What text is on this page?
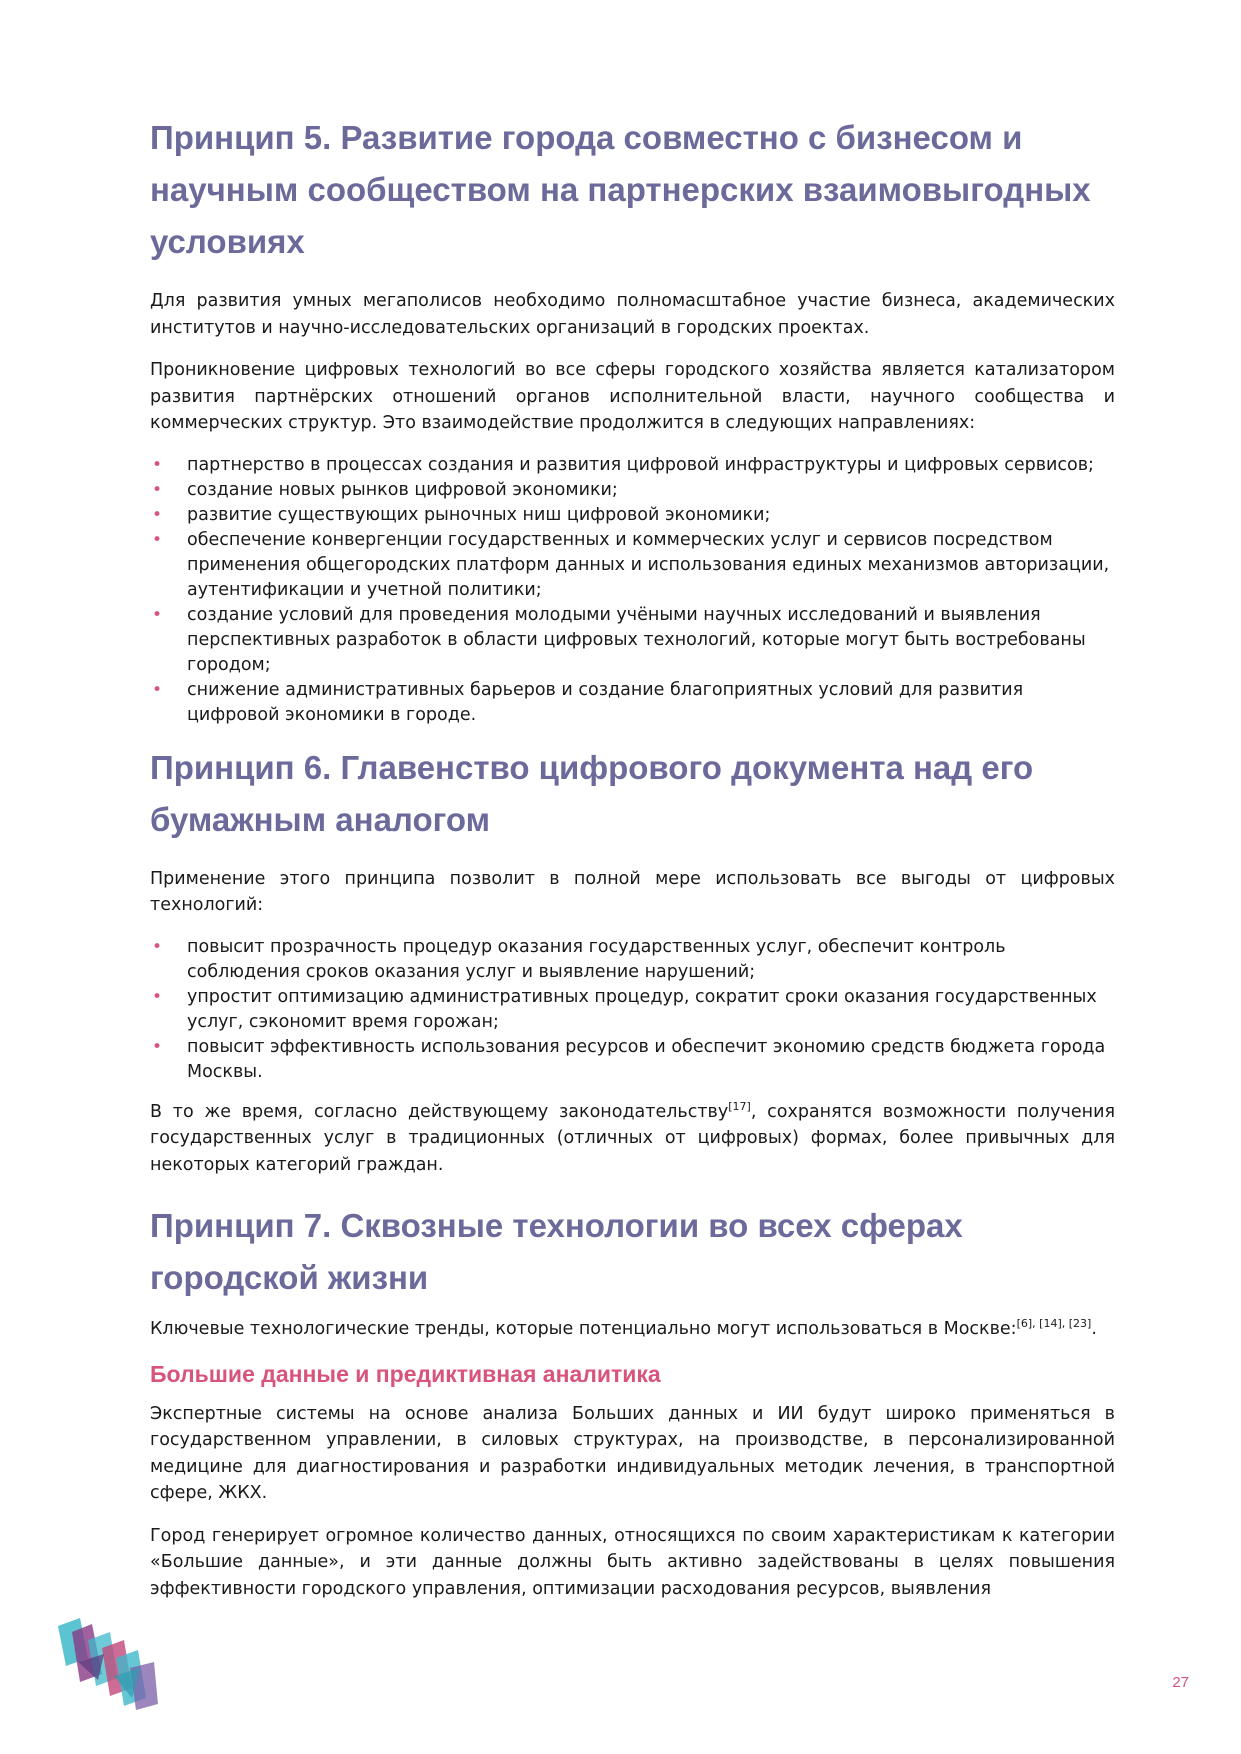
Принцип 5. Развитие города совместно с бизнесом и научным сообществом на партнерских взаимовыгодных условиях

Для развития умных мегаполисов необходимо полномасштабное участие бизнеса, академических институтов и научно-исследовательских организаций в городских проектах.

Проникновение цифровых технологий во все сферы городского хозяйства является катализатором развития партнёрских отношений органов исполнительной власти, научного сообщества и коммерческих структур. Это взаимодействие продолжится в следующих направлениях:

• партнерство в процессах создания и развития цифровой инфраструктуры и цифровых сервисов;
• создание новых рынков цифровой экономики;
• развитие существующих рыночных ниш цифровой экономики;
• обеспечение конвергенции государственных и коммерческих услуг и сервисов посредством применения общегородских платформ данных и использования единых механизмов авторизации, аутентификации и учетной политики;
• создание условий для проведения молодыми учёными научных исследований и выявления перспективных разработок в области цифровых технологий, которые могут быть востребованы городом;
• снижение административных барьеров и создание благоприятных условий для развития цифровой экономики в городе.
Принцип 6. Главенство цифрового документа над его бумажным аналогом

Применение этого принципа позволит в полной мере использовать все выгоды от цифровых технологий:

• повысит прозрачность процедур оказания государственных услуг, обеспечит контроль соблюдения сроков оказания услуг и выявление нарушений;
• упростит оптимизацию административных процедур, сократит сроки оказания государственных услуг, сэкономит время горожан;
• повысит эффективность использования ресурсов и обеспечит экономию средств бюджета города Москвы.

В то же время, согласно действующему законодательству[17], сохранятся возможности получения государственных услуг в традиционных (отличных от цифровых) формах, более привычных для некоторых категорий граждан.

Принцип 7. Сквозные технологии во всех сферах городской жизни

Ключевые технологические тренды, которые потенциально могут использоваться в Москве:[6], [14], [23].

Большие данные и предиктивная аналитика

Экспертные системы на основе анализа Больших данных и ИИ будут широко применяться в государственном управлении, в силовых структурах, на производстве, в персонализированной медицине для диагностирования и разработки индивидуальных методик лечения, в транспортной сфере, ЖКХ.

Город генерирует огромное количество данных, относящихся по своим характеристикам к категории «Большие данные», и эти данные должны быть активно задействованы в целях повышения эффективности городского управления, оптимизации расходования ресурсов, выявления

27
